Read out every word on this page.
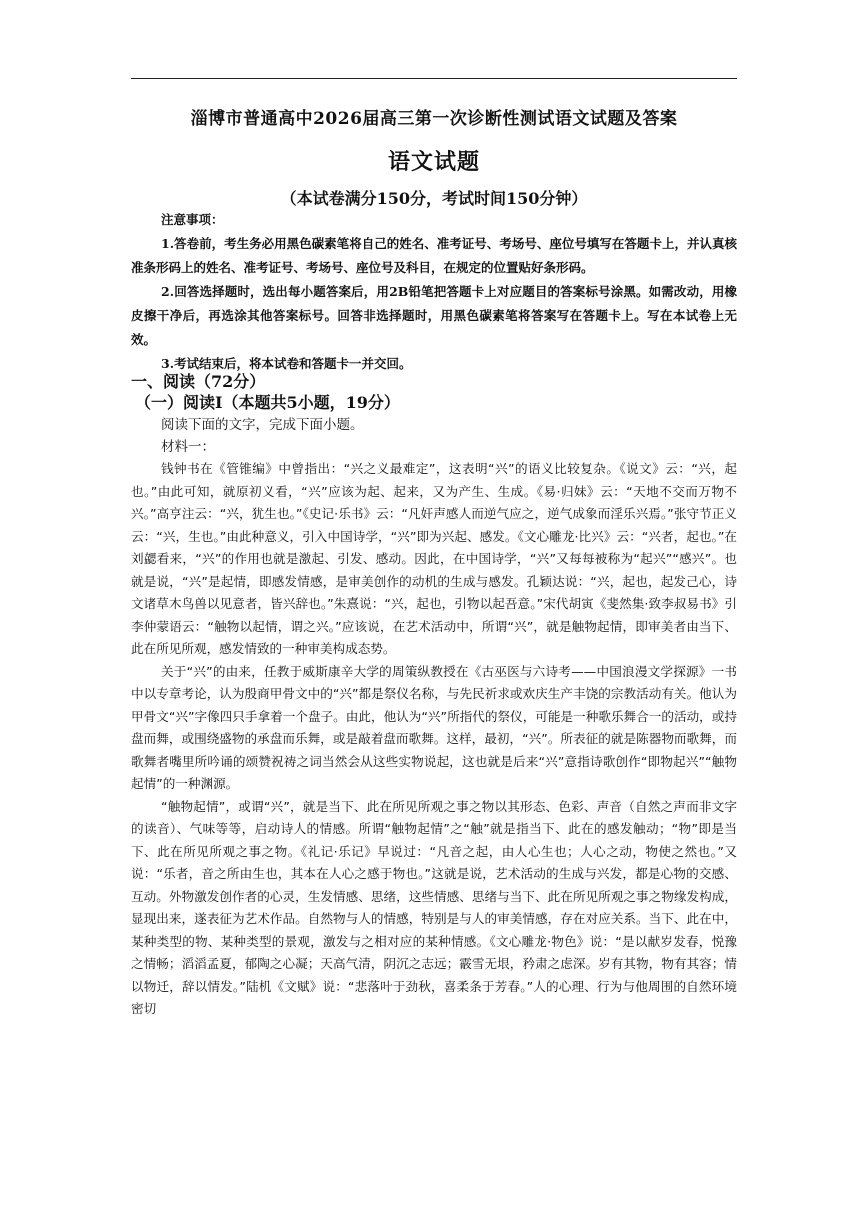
淄博市普通高中2026届高三第一次诊断性测试语文试题及答案
语文试题
（本试卷满分150分，考试时间150分钟）
注意事项：

1.答卷前，考生务必用黑色碳素笔将自己的姓名、准考证号、考场号、座位号填写在答题卡上，并认真核准条形码上的姓名、准考证号、考场号、座位号及科目，在规定的位置贴好条形码。

2.回答选择题时，选出每小题答案后，用2B铅笔把答题卡上对应题目的答案标号涂黑。如需改动，用橡皮擦干净后，再选涂其他答案标号。回答非选择题时，用黑色碳素笔将答案写在答题卡上。写在本试卷上无效。

3.考试结束后，将本试卷和答题卡一并交回。

一、阅读（72分）
（一）阅读I（本题共5小题，19分）
阅读下面的文字，完成下面小题。
材料一：

钱钟书在《管锥编》中曾指出：“兴之义最难定”，这表明“兴”的语义比较复杂。《说文》云：“兴，起也。”由此可知，就原初义看，“兴”应该为起、起来，又为产生、生成。《易·归妹》云：“天地不交而万物不兴。”高亨注云：“兴，犹生也。”《史记·乐书》云：“凡奸声感人而逆气应之，逆气成象而淫乐兴焉。”张守节正义云：“兴，生也。”由此种意义，引入中国诗学，“兴”即为兴起、感发。《文心雕龙·比兴》云：“兴者，起也。”在刘勰看来，“兴”的作用也就是激起、引发、感动。因此，在中国诗学，“兴”又每每被称为“起兴”“感兴”。也就是说，“兴”是起情，即感发情感，是审美创作的动机的生成与感发。孔颖达说：“兴，起也，起发己心，诗文诸草木鸟兽以见意者，皆兴辞也。”朱熹说：“兴，起也，引物以起吾意。”宋代胡寅《斐然集·致李叔易书》引李仲蒙语云：“触物以起情，谓之兴。”应该说，在艺术活动中，所谓“兴”，就是触物起情，即审美者由当下、此在所见所观，感发情致的一种审美构成态势。

关于“兴”的由来，任教于威斯康辛大学的周策纵教授在《古巫医与六诗考——中国浪漫文学探源》一书中以专章考论，认为殷商甲骨文中的“兴”都是祭仪名称，与先民祈求或欢庆生产丰饶的宗教活动有关。他认为甲骨文“兴”字像四只手拿着一个盘子。由此，他认为“兴”所指代的祭仪，可能是一种歌乐舞合一的活动，或持盘而舞，或围绕盛物的承盘而乐舞，或是敲着盘而歌舞。这样，最初，“兴”。所表征的就是陈器物而歌舞，而歌舞者嘴里所吟诵的颂赞祝祷之词当然会从这些实物说起，这也就是后来“兴”意指诗歌创作“即物起兴”“触物起情”的一种渊源。

“触物起情”，或谓“兴”，就是当下、此在所见所观之事之物以其形态、色彩、声音（自然之声而非文字的读音）、气味等等，启动诗人的情感。所谓“触物起情”之“触”就是指当下、此在的感发触动；“物”即是当下、此在所见所观之事之物。《礼记·乐记》早说过：“凡音之起，由人心生也；人心之动，物使之然也。”又说：“乐者，音之所由生也，其本在人心之感于物也。”这就是说，艺术活动的生成与兴发，都是心物的交感、互动。外物激发创作者的心灵，生发情感、思绪，这些情感、思绪与当下、此在所见所观之事之物缘发构成，显现出来，遂表征为艺术作品。自然物与人的情感，特别是与人的审美情感，存在对应关系。当下、此在中，某种类型的物、某种类型的景观，激发与之相对应的某种情感。《文心雕龙·物色》说：“是以献岁发春，悦豫之情畅；滔滔孟夏，郁陶之心凝；天高气清，阴沉之志远；霰雪无垠，矜肃之虑深。岁有其物，物有其容；情以物迁，辞以情发。”陆机《文赋》说：“悲落叶于劲秋，喜柔条于芳春。”人的心理、行为与他周围的自然环境密切
